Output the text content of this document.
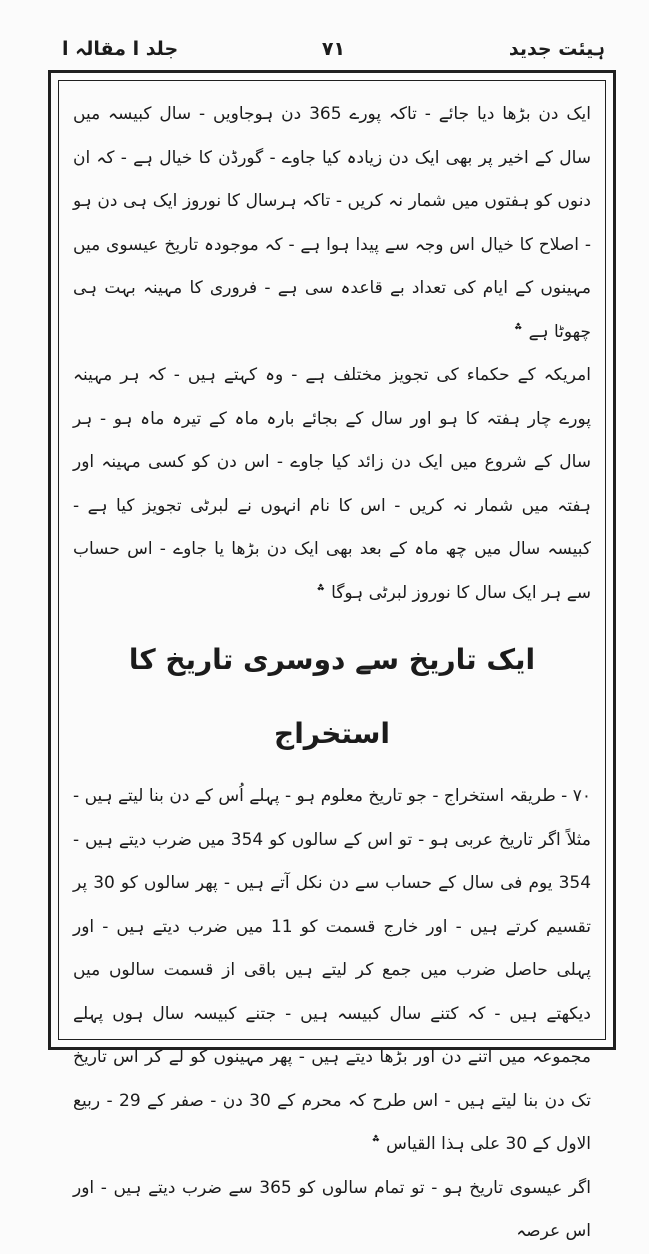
ہیئت جدید
۷۱
جلد ا مقالہ ا

ایک دن بڑھا دیا جائے - تاکہ پورے 365 دن ہوجاویں - سال کبیسہ میں سال کے اخیر پر بھی ایک دن زیادہ کیا جاوے - گورڈن کا خیال ہے - کہ ان دنوں کو ہفتوں میں شمار نہ کریں - تاکہ ہرسال کا نوروز ایک ہی دن ہو - اصلاح کا خیال اس وجہ سے پیدا ہوا ہے - کہ موجودہ تاریخ عیسوی میں مہینوں کے ایام کی تعداد بے قاعدہ سی ہے - فروری کا مہینہ بہت ہی چھوٹا ہے ؞

امریکہ کے حکماء کی تجویز مختلف ہے - وہ کہتے ہیں - کہ ہر مہینہ پورے چار ہفتہ کا ہو اور سال کے بجائے بارہ ماہ کے تیرہ ماہ ہو - ہر سال کے شروع میں ایک دن زائد کیا جاوے - اس دن کو کسی مہینہ اور ہفتہ میں شمار نہ کریں - اس کا نام انہوں نے لبرٹی تجویز کیا ہے - کبیسہ سال میں چھ ماہ کے بعد بھی ایک دن بڑھا یا جاوے - اس حساب سے ہر ایک سال کا نوروز لبرٹی ہوگا ؞

ایک تاریخ سے دوسری تاریخ کا استخراج

۷۰ - طریقہ استخراج - جو تاریخ معلوم ہو - پہلے اُس کے دن بنا لیتے ہیں - مثلاً اگر تاریخ عربی ہو - تو اس کے سالوں کو 354 میں ضرب دیتے ہیں - 354 یوم فی سال کے حساب سے دن نکل آتے ہیں - پھر سالوں کو 30 پر تقسیم کرتے ہیں - اور خارج قسمت کو 11 میں ضرب دیتے ہیں - اور پہلی حاصل ضرب میں جمع کر لیتے ہیں باقی از قسمت سالوں میں دیکھتے ہیں - کہ کتنے سال کبیسہ ہیں - جتنے کبیسہ سال ہوں پہلے مجموعہ میں اتنے دن اور بڑھا دیتے ہیں - پھر مہینوں کو لے کر اس تاریخ تک دن بنا لیتے ہیں - اس طرح کہ محرم کے 30 دن - صفر کے 29 - ربیع الاول کے 30 علی ہذا القیاس ؞

اگر عیسوی تاریخ ہو - تو تمام سالوں کو 365 سے ضرب دیتے ہیں - اور اس عرصہ
